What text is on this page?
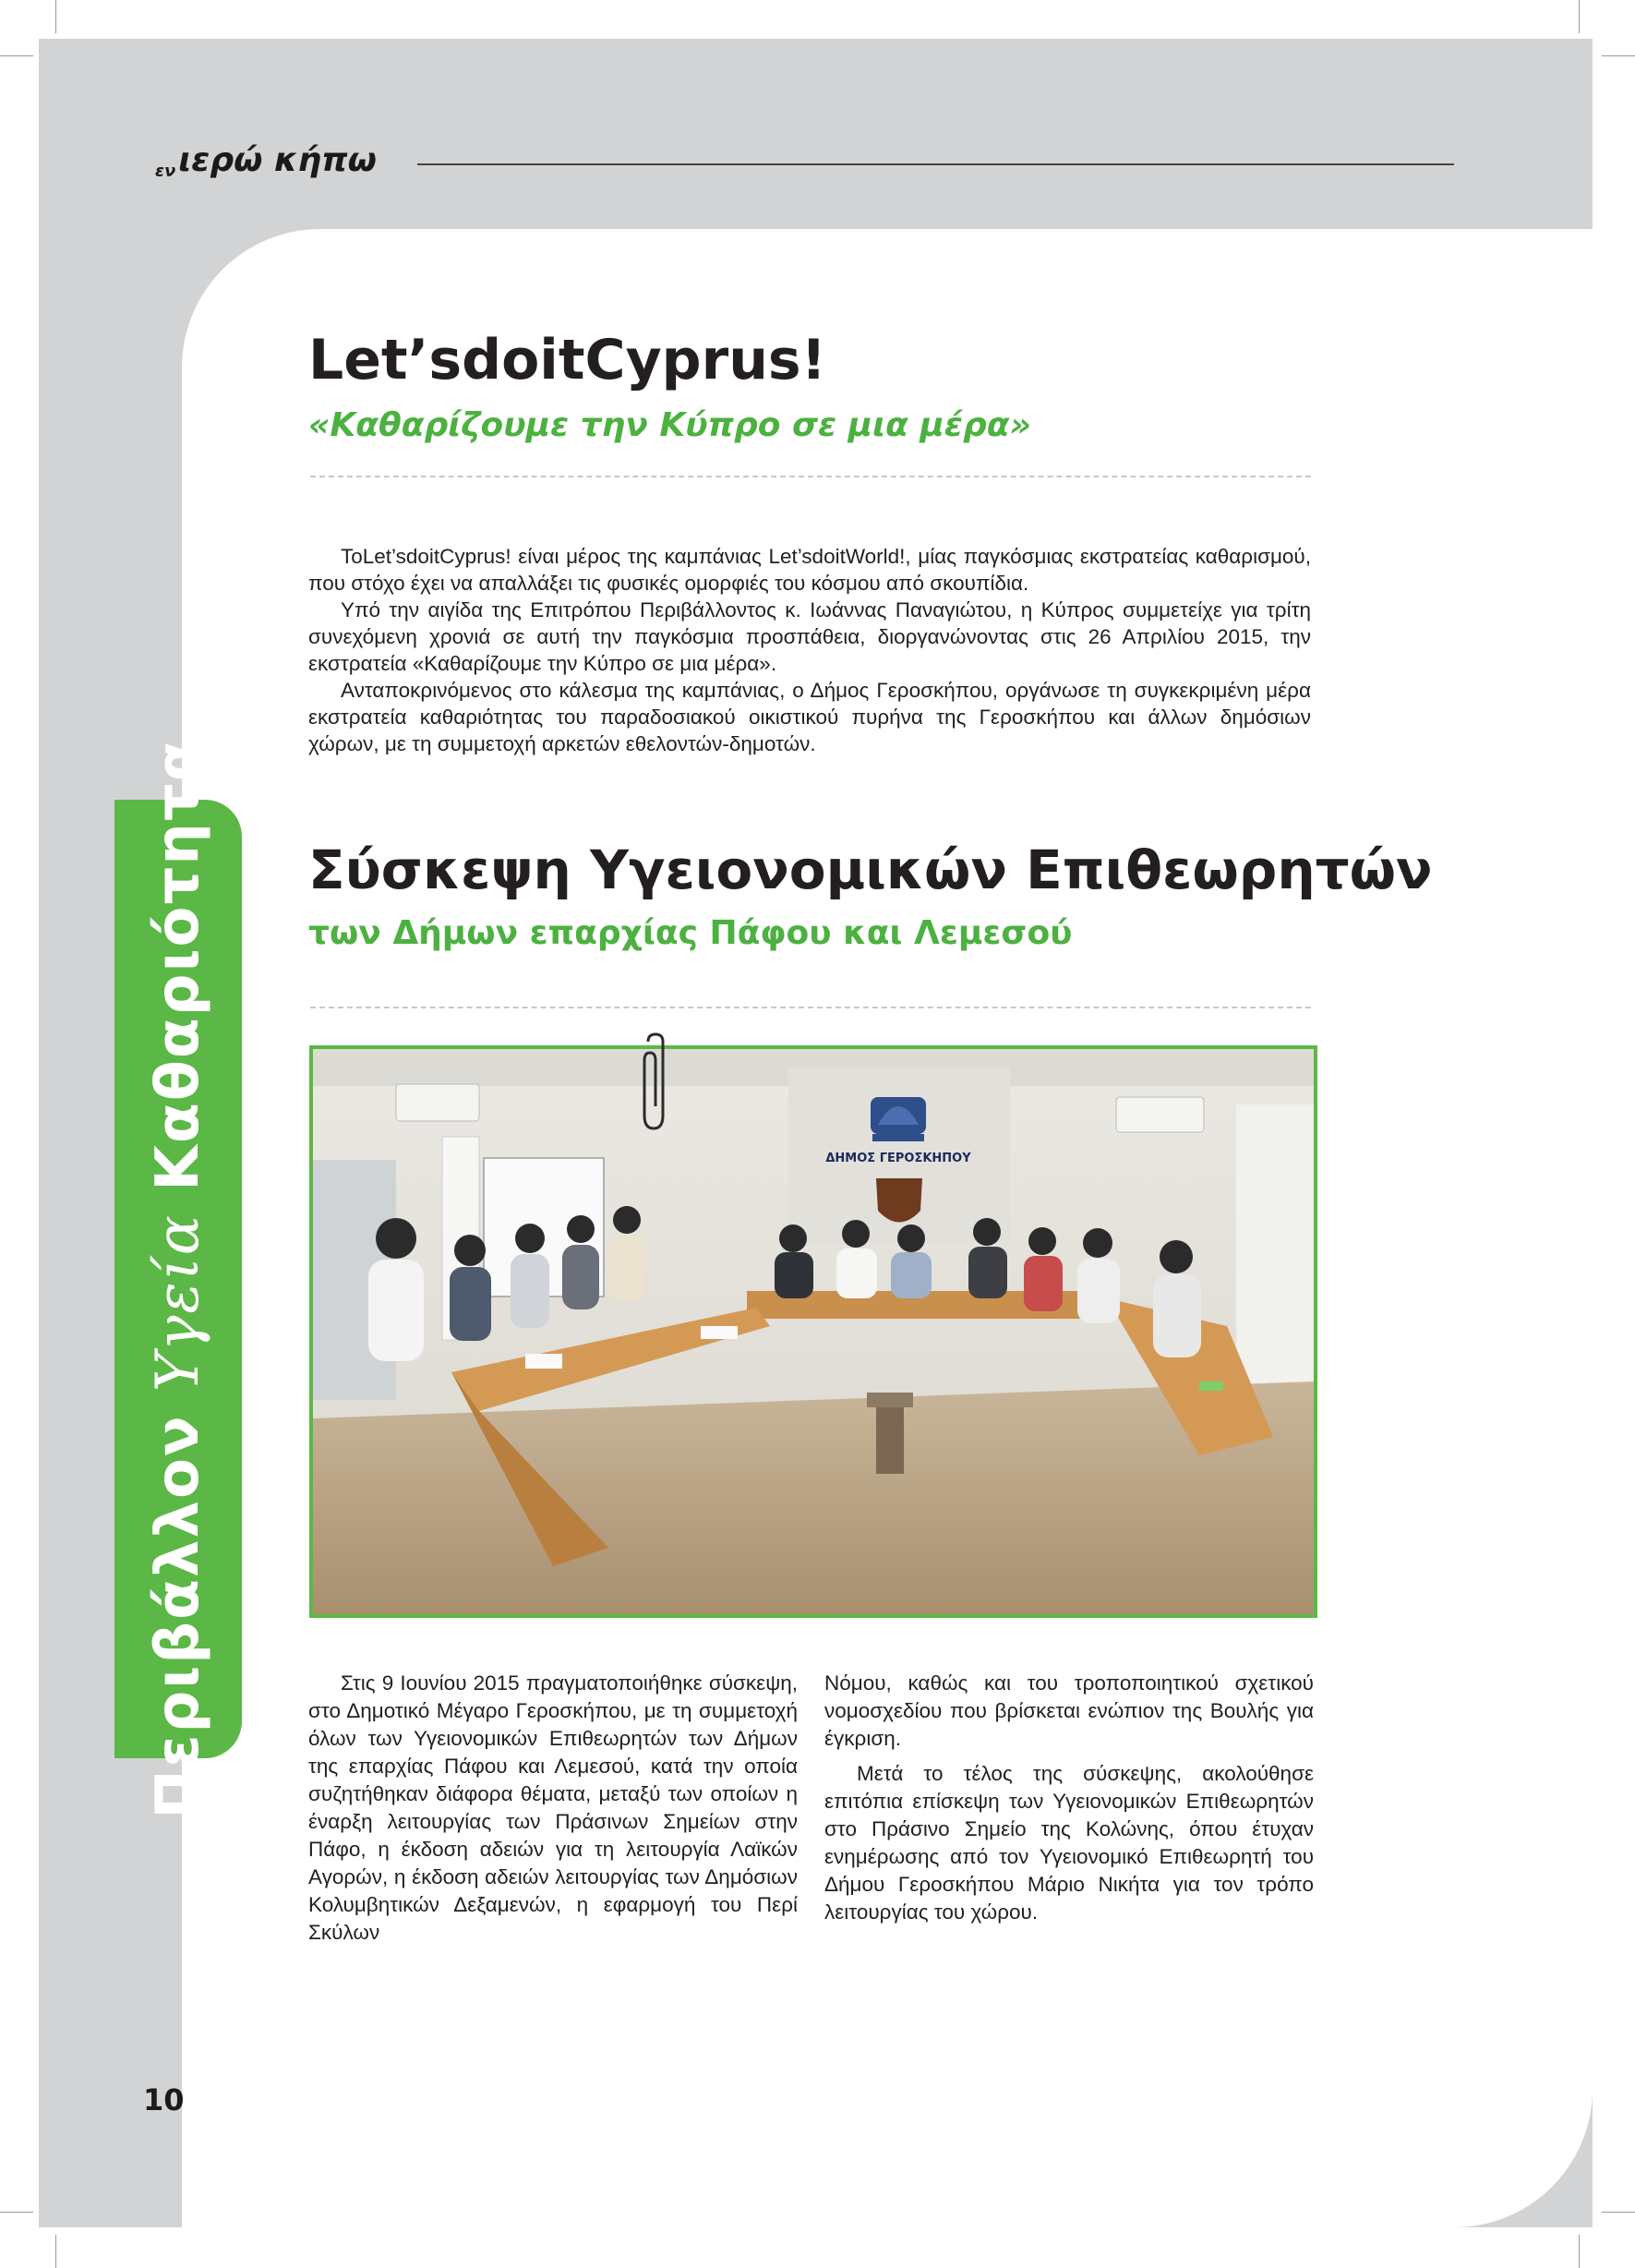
$_{\varepsilon\nu}$ιερώ κήπω
Περιβάλλον Υγεία Καθαριότητα
Let’sdoitCyprus!
«Καθαρίζουμε την Κύπρο σε μια μέρα»

ToLet’sdoitCyprus! είναι μέρος της καμπάνιας Let’sdoitWorld!, μίας παγκόσμιας εκστρατείας καθαρισμού, που στόχο έχει να απαλλάξει τις φυσικές ομορφιές του κόσμου από σκουπίδια.

Υπό την αιγίδα της Επιτρόπου Περιβάλλοντος κ. Ιωάννας Παναγιώτου, η Κύπρος συμμετείχε για τρίτη συνεχόμενη χρονιά σε αυτή την παγκόσμια προσπάθεια, διοργανώνοντας στις 26 Απριλίου 2015, την εκστρατεία «Καθαρίζουμε την Κύπρο σε μια μέρα».

Ανταποκρινόμενος στο κάλεσμα της καμπάνιας, ο Δήμος Γεροσκήπου, οργάνωσε τη συγκεκριμένη μέρα εκστρατεία καθαριότητας του παραδοσιακού οικιστικού πυρήνα της Γεροσκήπου και άλλων δημόσιων χώρων, με τη συμμετοχή αρκετών εθελοντών-δημοτών.

Σύσκεψη Υγειονομικών Επιθεωρητών
των Δήμων επαρχίας Πάφου και Λεμεσού
ΔΗΜΟΣ ΓΕΡΟΣΚΗΠΟΥ

Στις 9 Ιουνίου 2015 πραγματοποιήθηκε σύσκεψη, στο Δημοτικό Μέγαρο Γεροσκήπου, με τη συμμετοχή όλων των Υγειονομικών Επιθεωρητών των Δήμων της επαρχίας Πάφου και Λεμεσού, κατά την οποία συζητήθηκαν διάφορα θέματα, μεταξύ των οποίων η έναρξη λειτουργίας των Πράσινων Σημείων στην Πάφο, η έκδοση αδειών για τη λειτουργία Λαϊκών Αγορών, η έκδοση αδειών λειτουργίας των Δημόσιων Κολυμβητικών Δεξαμενών, η εφαρμογή του Περί Σκύλων

Νόμου, καθώς και του τροποποιητικού σχετικού νομοσχεδίου που βρίσκεται ενώπιον της Βουλής για έγκριση.

Μετά το τέλος της σύσκεψης, ακολούθησε επιτόπια επίσκεψη των Υγειονομικών Επιθεωρητών στο Πράσινο Σημείο της Κολώνης, όπου έτυχαν ενημέρωσης από τον Υγειονομικό Επιθεωρητή του Δήμου Γεροσκήπου Μάριο Νικήτα για τον τρόπο λειτουργίας του χώρου.

10
